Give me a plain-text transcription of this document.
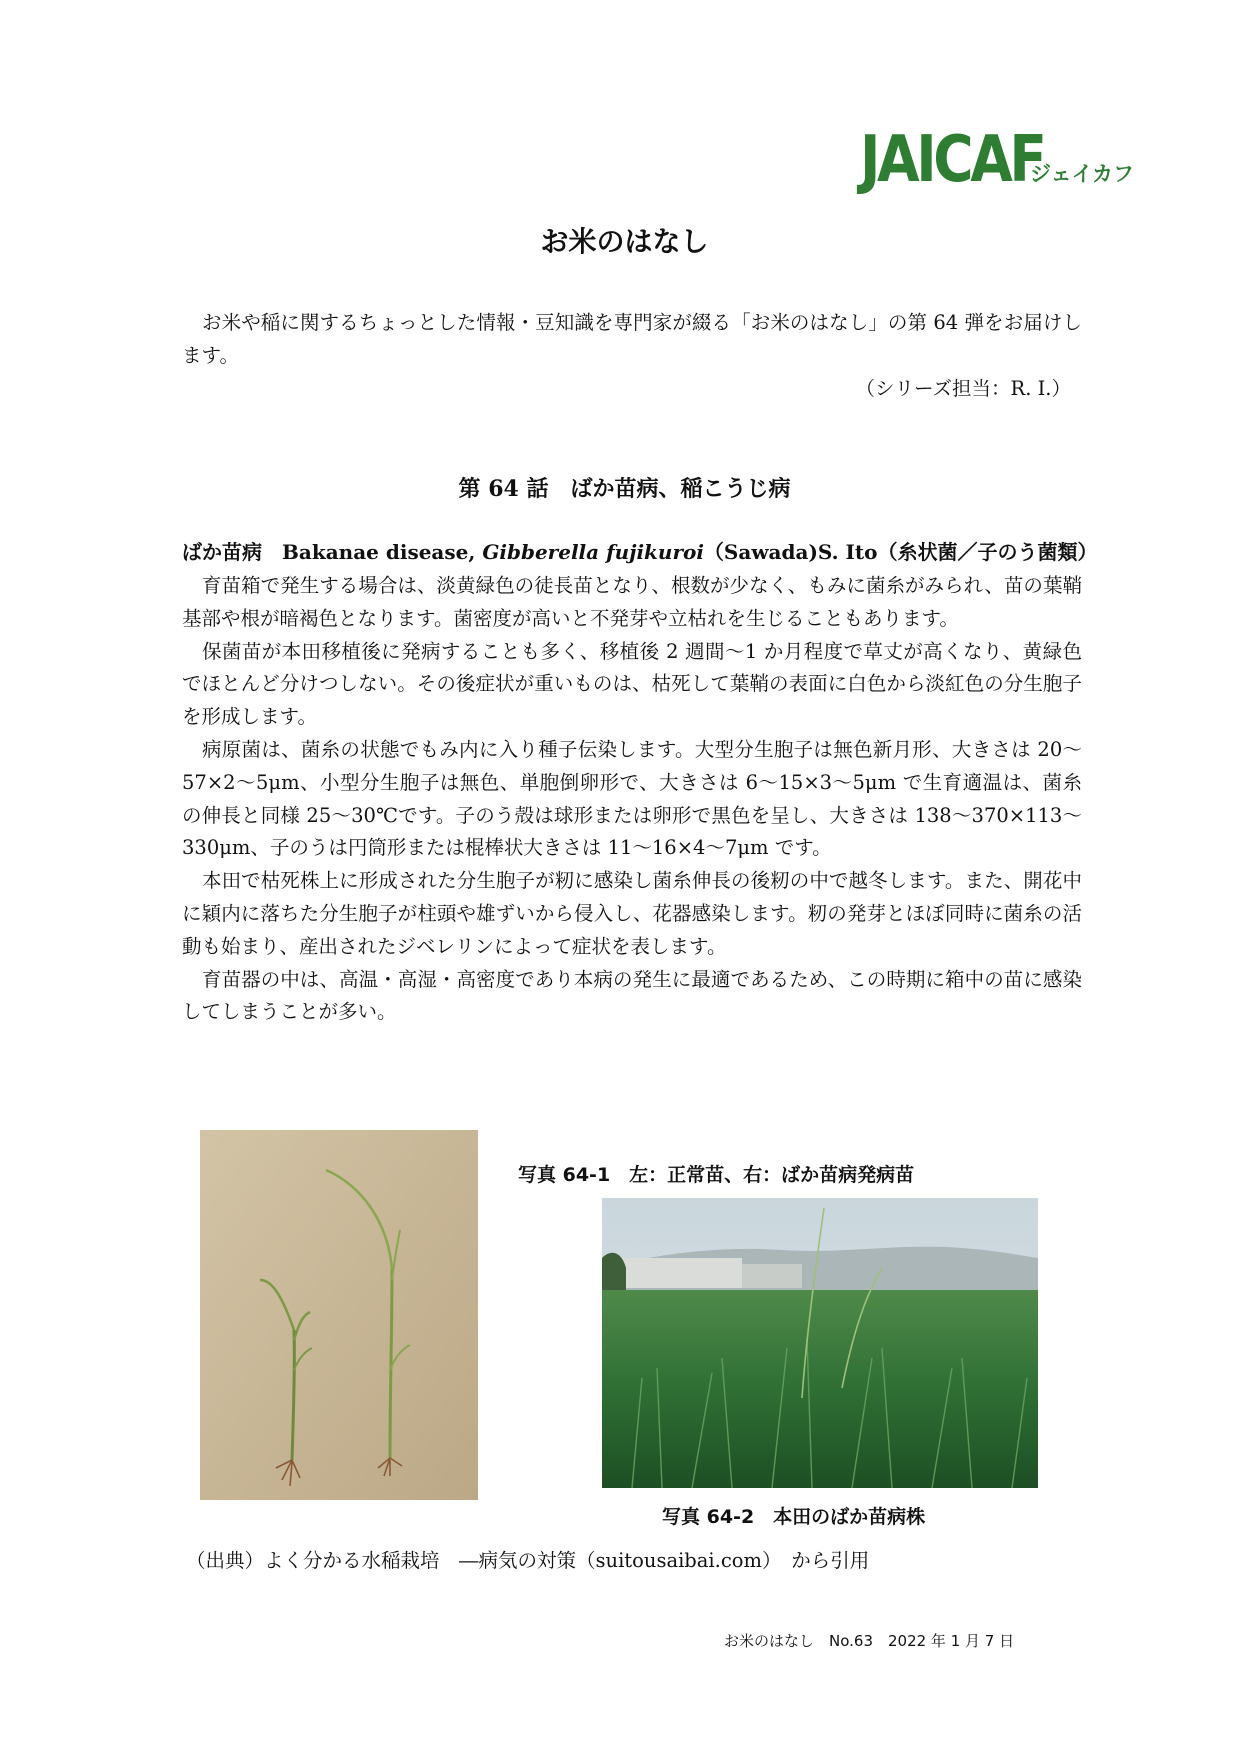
JAICAF
ジェイカフ
お米のはなし

お米や稲に関するちょっとした情報・豆知識を専門家が綴る「お米のはなし」の第 64 弾をお届けします。

（シリーズ担当：R. I.）

第 64 話　ばか苗病、稲こうじ病

ばか苗病　 Bakanae disease, Gibberella fujikuroi（Sawada)S. Ito（糸状菌／子のう菌類）

育苗箱で発生する場合は、淡黄緑色の徒長苗となり、根数が少なく、もみに菌糸がみられ、苗の葉鞘基部や根が暗褐色となります。菌密度が高いと不発芽や立枯れを生じることもあります。

保菌苗が本田移植後に発病することも多く、移植後 2 週間～1 か月程度で草丈が高くなり、黄緑色でほとんど分けつしない。その後症状が重いものは、枯死して葉鞘の表面に白色から淡紅色の分生胞子を形成します。

病原菌は、菌糸の状態でもみ内に入り種子伝染します。大型分生胞子は無色新月形、大きさは 20～57×2～5μm、小型分生胞子は無色、単胞倒卵形で、大きさは 6～15×3～5μm で生育適温は、菌糸の伸長と同様 25～30℃です。子のう殻は球形または卵形で黒色を呈し、大きさは 138～370×113～330μm、子のうは円筒形または棍棒状大きさは 11～16×4～7μm です。

本田で枯死株上に形成された分生胞子が籾に感染し菌糸伸長の後籾の中で越冬します。また、開花中に穎内に落ちた分生胞子が柱頭や雄ずいから侵入し、花器感染します。籾の発芽とほぼ同時に菌糸の活動も始まり、産出されたジベレリンによって症状を表します。

育苗器の中は、高温・高湿・高密度であり本病の発生に最適であるため、この時期に箱中の苗に感染してしまうことが多い。

写真 64-1　左：正常苗、右：ばか苗病発病苗

写真 64-2　本田のばか苗病株

（出典）よく分かる水稲栽培　―病気の対策（suitousaibai.com）　から引用

お米のはなし　No.63　2022 年 1 月 7 日
